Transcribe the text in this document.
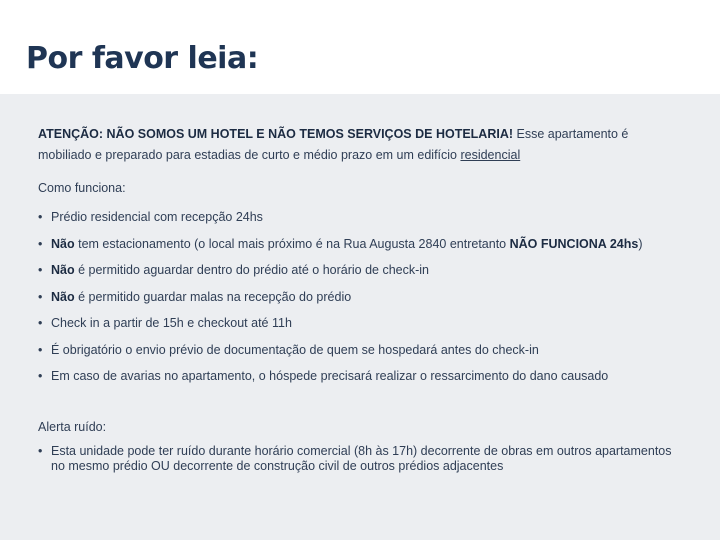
Por favor leia:
ATENÇÃO: NÃO SOMOS UM HOTEL E NÃO TEMOS SERVIÇOS DE HOTELARIA! Esse apartamento é mobiliado e preparado para estadias de curto e médio prazo em um edifício residencial
Como funciona:
• Prédio residencial com recepção 24hs
• Não tem estacionamento (o local mais próximo é na Rua Augusta 2840 entretanto NÃO FUNCIONA 24hs)
• Não é permitido aguardar dentro do prédio até o horário de check-in
• Não é permitido guardar malas na recepção do prédio
• Check in a partir de 15h e checkout até 11h
• É obrigatório o envio prévio de documentação de quem se hospedará antes do check-in
• Em caso de avarias no apartamento, o hóspede precisará realizar o ressarcimento do dano causado
Alerta ruído:
• Esta unidade pode ter ruído durante horário comercial (8h às 17h) decorrente de obras em outros apartamentos no mesmo prédio OU decorrente de construção civil de outros prédios adjacentes
